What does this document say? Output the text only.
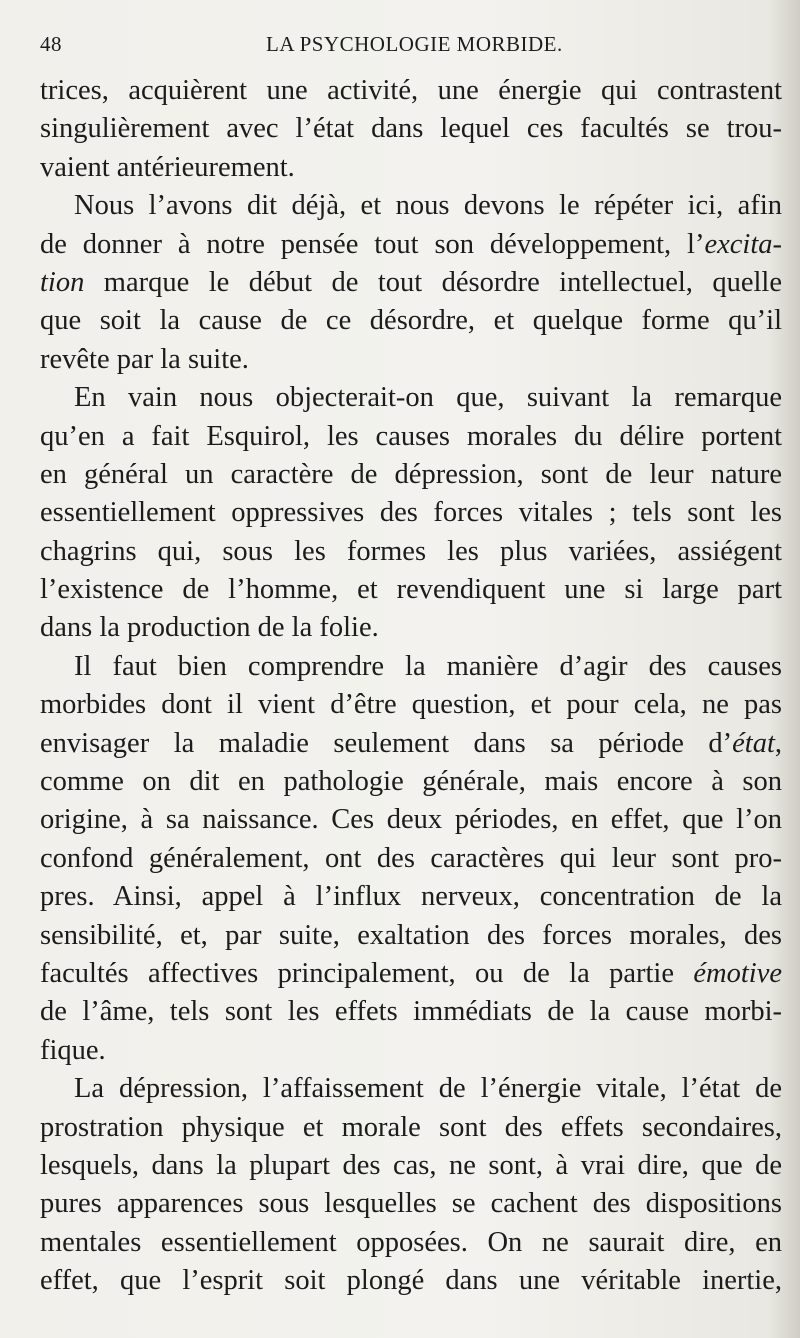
48	LA PSYCHOLOGIE MORBIDE.
trices, acquièrent une activité, une énergie qui contrastent
singulièrement avec l’état dans lequel ces facultés se trou-
vaient antérieurement.
Nous l’avons dit déjà, et nous devons le répéter ici, afin
de donner à notre pensée tout son développement, l’excita-
tion marque le début de tout désordre intellectuel, quelle
que soit la cause de ce désordre, et quelque forme qu’il
revête par la suite.
En vain nous objecterait-on que, suivant la remarque
qu’en a fait Esquirol, les causes morales du délire portent
en général un caractère de dépression, sont de leur nature
essentiellement oppressives des forces vitales ; tels sont les
chagrins qui, sous les formes les plus variées, assiégent
l’existence de l’homme, et revendiquent une si large part
dans la production de la folie.
Il faut bien comprendre la manière d’agir des causes
morbides dont il vient d’être question, et pour cela, ne pas
envisager la maladie seulement dans sa période d’état,
comme on dit en pathologie générale, mais encore à son
origine, à sa naissance. Ces deux périodes, en effet, que l’on
confond généralement, ont des caractères qui leur sont pro-
pres. Ainsi, appel à l’influx nerveux, concentration de la
sensibilité, et, par suite, exaltation des forces morales, des
facultés affectives principalement, ou de la partie émotive
de l’âme, tels sont les effets immédiats de la cause morbi-
fique.
La dépression, l’affaissement de l’énergie vitale, l’état de
prostration physique et morale sont des effets secondaires,
lesquels, dans la plupart des cas, ne sont, à vrai dire, que de
pures apparences sous lesquelles se cachent des dispositions
mentales essentiellement opposées. On ne saurait dire, en
effet, que l’esprit soit plongé dans une véritable inertie,
